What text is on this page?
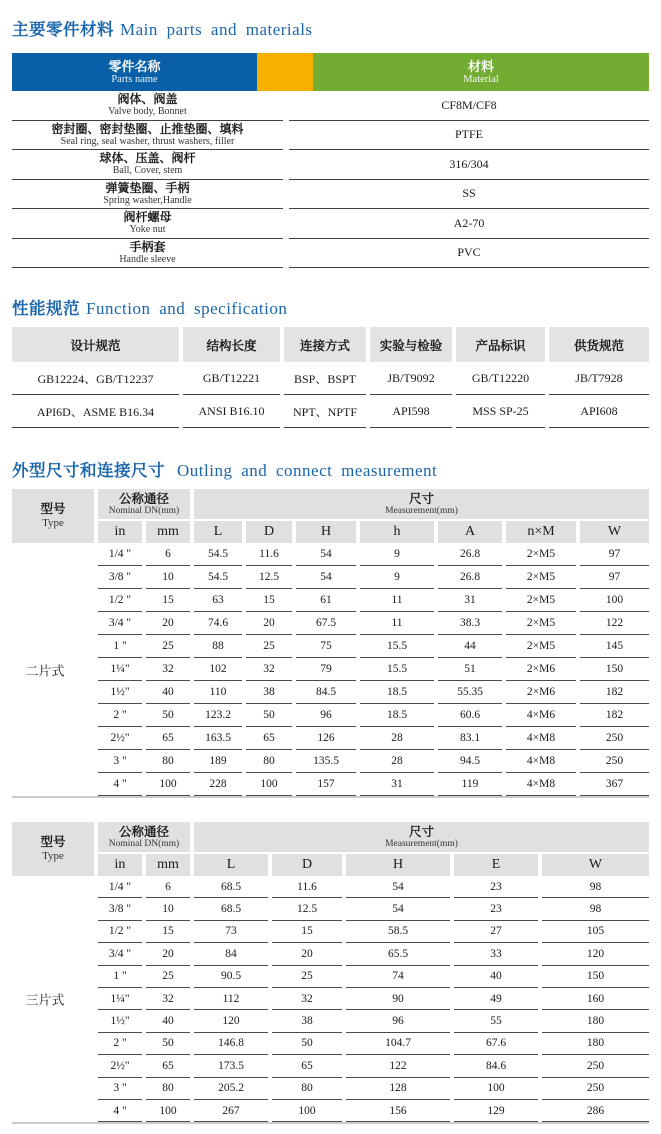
主要零件材料 Main parts and materials
零件名称
Parts name
材料
Material
阀体、阀盖
Valve body, Bonnet	CF8M/CF8
密封圈、密封垫圈、止推垫圈、填料
Seal ring, seal washer, thrust washers, filler	PTFE
球体、压盖、阀杆
Ball, Cover, stem	316/304
弹簧垫圈、手柄
Spring washer,Handle	SS
阀杆螺母
Yoke nut	A2-70
手柄套
Handle sleeve	PVC
性能规范 Function and specification
设计规范	结构长度	连接方式	实验与检验	产品标识	供货规范
GB12224、GB/T12237	GB/T12221	BSP、BSPT	JB/T9092	GB/T12220	JB/T7928
API6D、ASME B16.34	ANSI B16.10	NPT、NPTF	API598	MSS SP-25	API608
外型尺寸和连接尺寸 Outling and connect measurement
型号
Type
公称通径
Nominal DN(mm)
尺寸
Measurement(mm)
in	mm	L	D	H	h	A	n×M	W
1/4 "	6	54.5	11.6	54	9	26.8	2×M5	97
3/8 "	10	54.5	12.5	54	9	26.8	2×M5	97
1/2 "	15	63	15	61	11	31	2×M5	100
3/4 "	20	74.6	20	67.5	11	38.3	2×M5	122
1 "	25	88	25	75	15.5	44	2×M5	145
1¼"	32	102	32	79	15.5	51	2×M6	150
1½"	40	110	38	84.5	18.5	55.35	2×M6	182
2 "	50	123.2	50	96	18.5	60.6	4×M6	182
2½"	65	163.5	65	126	28	83.1	4×M8	250
3 "	80	189	80	135.5	28	94.5	4×M8	250
4 "	100	228	100	157	31	119	4×M8	367
二片式
型号
Type
公称通径
Nominal DN(mm)
尺寸
Measurement(mm)
in	mm	L	D	H	E	W
1/4 "	6	68.5	11.6	54	23	98
3/8 "	10	68.5	12.5	54	23	98
1/2 "	15	73	15	58.5	27	105
3/4 "	20	84	20	65.5	33	120
1 "	25	90.5	25	74	40	150
1¼"	32	112	32	90	49	160
1½"	40	120	38	96	55	180
2 "	50	146.8	50	104.7	67.6	180
2½"	65	173.5	65	122	84.6	250
3 "	80	205.2	80	128	100	250
4 "	100	267	100	156	129	286
三片式
